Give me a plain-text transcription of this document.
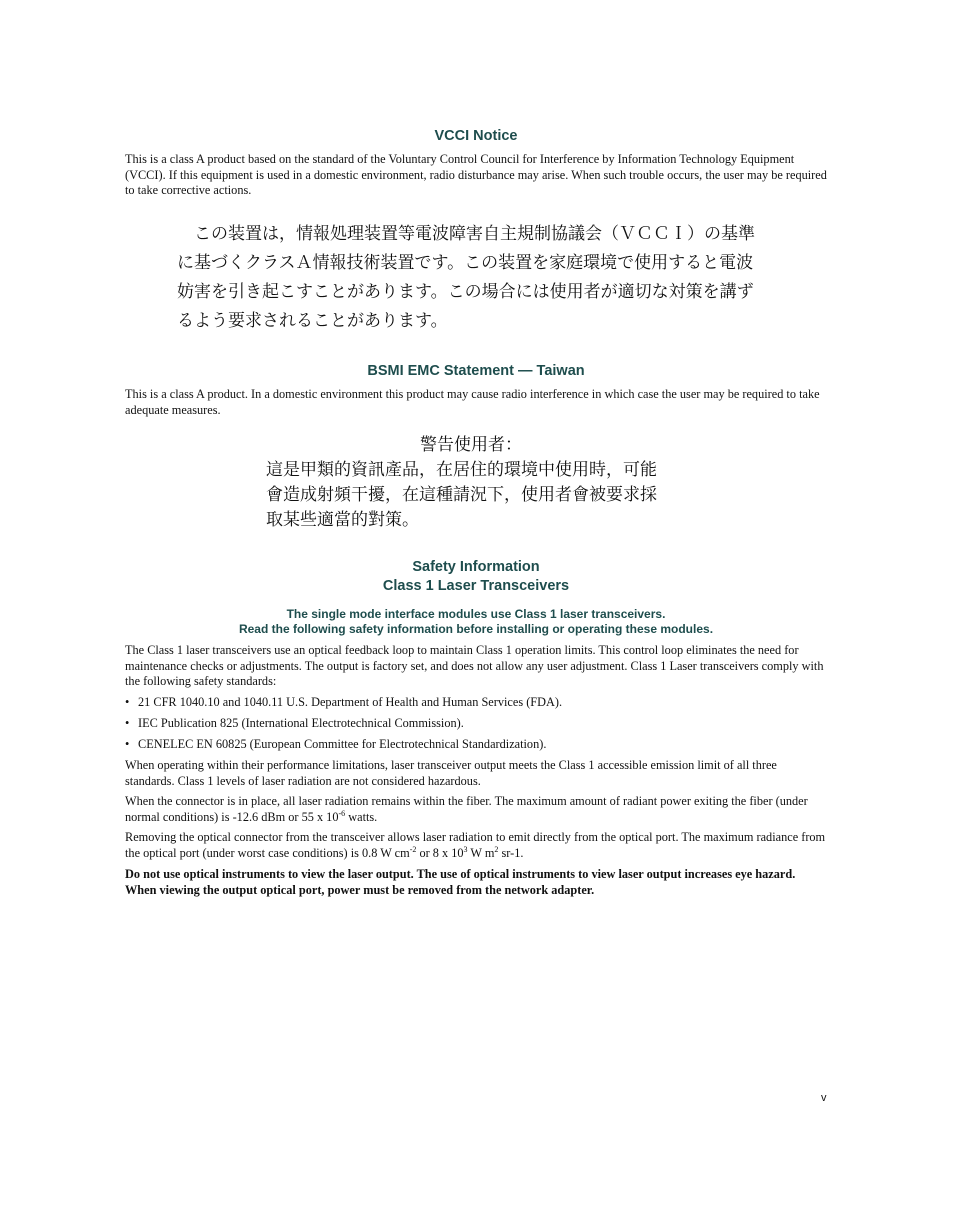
VCCI Notice

This is a class A product based on the standard of the Voluntary Control Council for Interference by Information Technology Equipment (VCCI). If this equipment is used in a domestic environment, radio disturbance may arise. When such trouble occurs, the user may be required to take corrective actions.

　この装置は，情報処理装置等電波障害自主規制協議会（ＶＣＣＩ）の基準

に基づくクラスＡ情報技術装置です。この装置を家庭環境で使用すると電波

妨害を引き起こすことがあります。この場合には使用者が適切な対策を講ず

るよう要求されることがあります。

BSMI EMC Statement — Taiwan

This is a class A product. In a domestic environment this product may cause radio interference in which case the user may be required to take adequate measures.

警告使用者：

這是甲類的資訊產品，在居住的環境中使用時，可能

會造成射頻干擾，在這種請況下，使用者會被要求採

取某些適當的對策。

Safety Information
Class 1 Laser Transceivers
The single mode interface modules use Class 1 laser transceivers.
Read the following safety information before installing or operating these modules.

The Class 1 laser transceivers use an optical feedback loop to maintain Class 1 operation limits. This control loop eliminates the need for maintenance checks or adjustments. The output is factory set, and does not allow any user adjustment. Class 1 Laser transceivers comply with the following safety standards:

• 21 CFR 1040.10 and 1040.11 U.S. Department of Health and Human Services (FDA).
• IEC Publication 825 (International Electrotechnical Commission).
• CENELEC EN 60825 (European Committee for Electrotechnical Standardization).

When operating within their performance limitations, laser transceiver output meets the Class 1 accessible emission limit of all three standards. Class 1 levels of laser radiation are not considered hazardous.

When the connector is in place, all laser radiation remains within the fiber. The maximum amount of radiant power exiting the fiber (under normal conditions) is -12.6 dBm or 55 x $10^{-6}$ watts.

Removing the optical connector from the transceiver allows laser radiation to emit directly from the optical port. The maximum radiance from the optical port (under worst case conditions) is 0.8 W $cm^{-2}$ or 8 x $10^3$ W $m^2$ sr-1.

Do not use optical instruments to view the laser output. The use of optical instruments to view laser output increases eye hazard. When viewing the output optical port, power must be removed from the network adapter.

v
